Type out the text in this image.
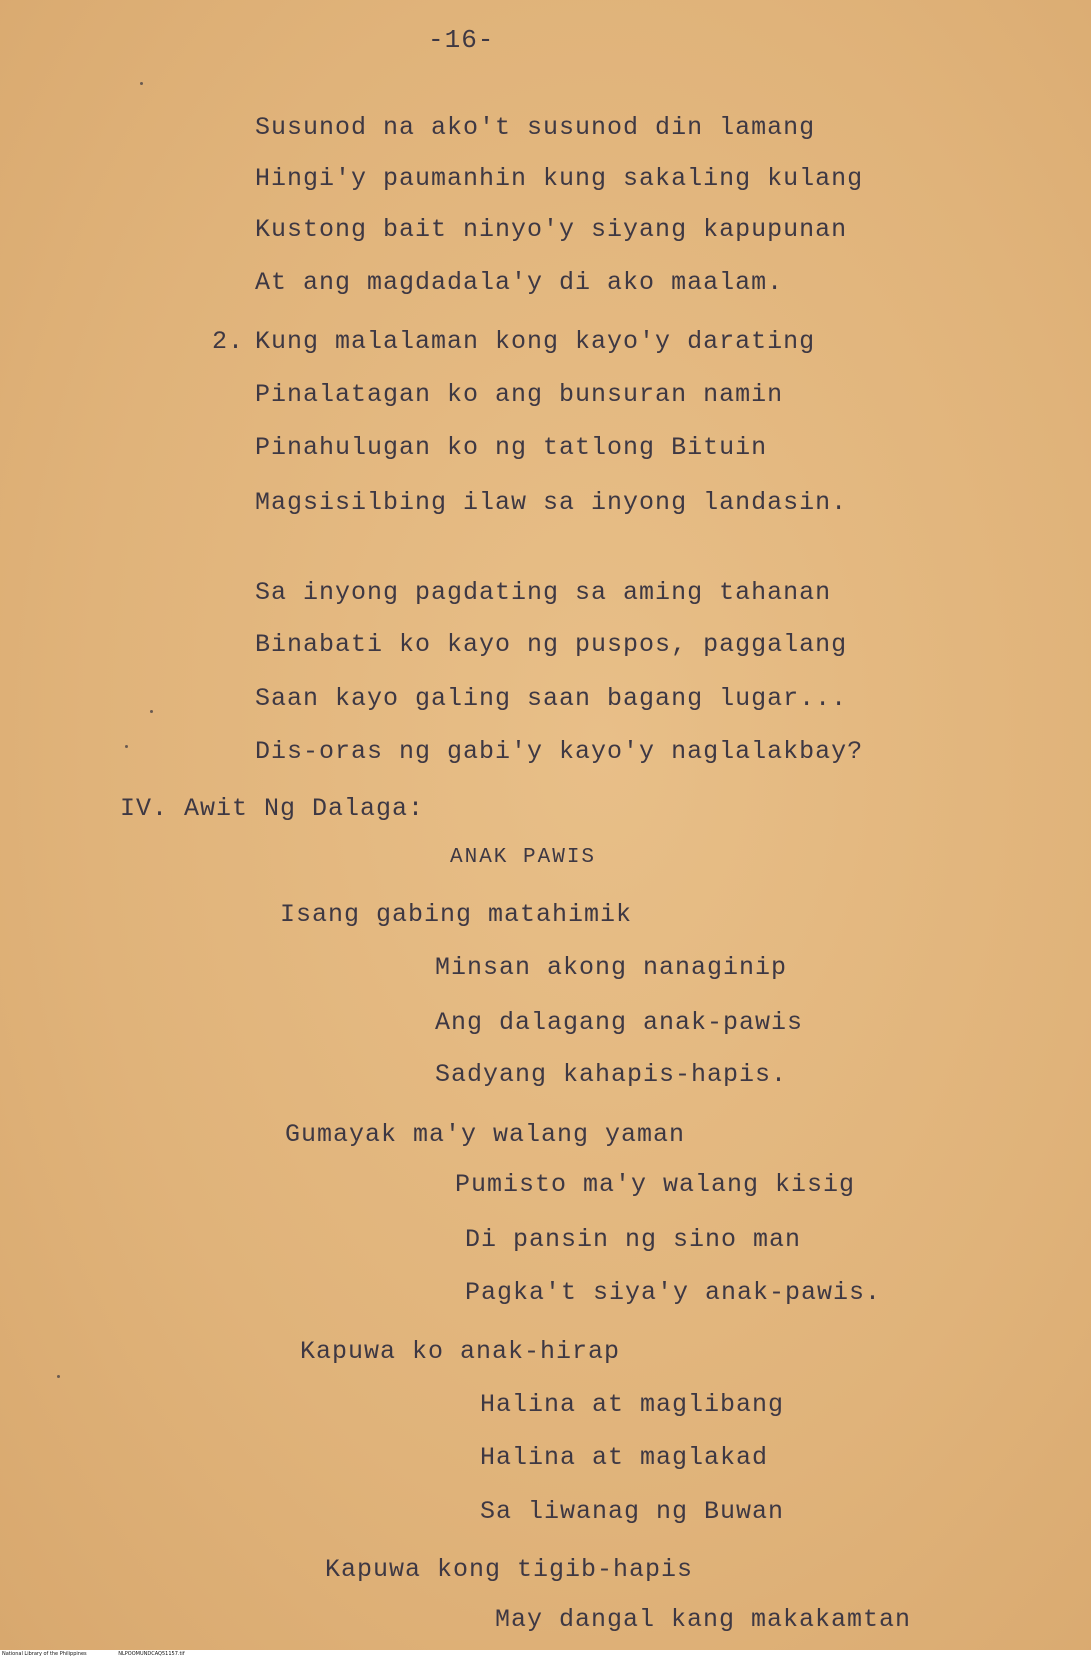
-16-
Susunod na ako't susunod din lamang
Hingi'y paumanhin kung sakaling kulang
Kustong bait ninyo'y siyang kapupunan
At ang magdadala'y di ako maalam.
2. Kung malalaman kong kayo'y darating
Pinalatagan ko ang bunsuran namin
Pinahulugan ko ng tatlong Bituin
Magsisilbing ilaw sa inyong landasin.
Sa inyong pagdating sa aming tahanan
Binabati ko kayo ng puspos, paggalang
Saan kayo galing saan bagang lugar...
Dis-oras ng gabi'y kayo'y naglalakbay?
IV. Awit Ng Dalaga:
ANAK PAWIS
Isang gabing matahimik
Minsan akong nanaginip
Ang dalagang anak-pawis
Sadyang kahapis-hapis.
Gumayak ma'y walang yaman
Pumisto ma'y walang kisig
Di pansin ng sino man
Pagka't siya'y anak-pawis.
Kapuwa ko anak-hirap
Halina at maglibang
Halina at maglakad
Sa liwanag ng Buwan
Kapuwa kong tigib-hapis
May dangal kang makakamtan
National Library of the Philippines	NLPOOMUNDCAQ51157.tif
